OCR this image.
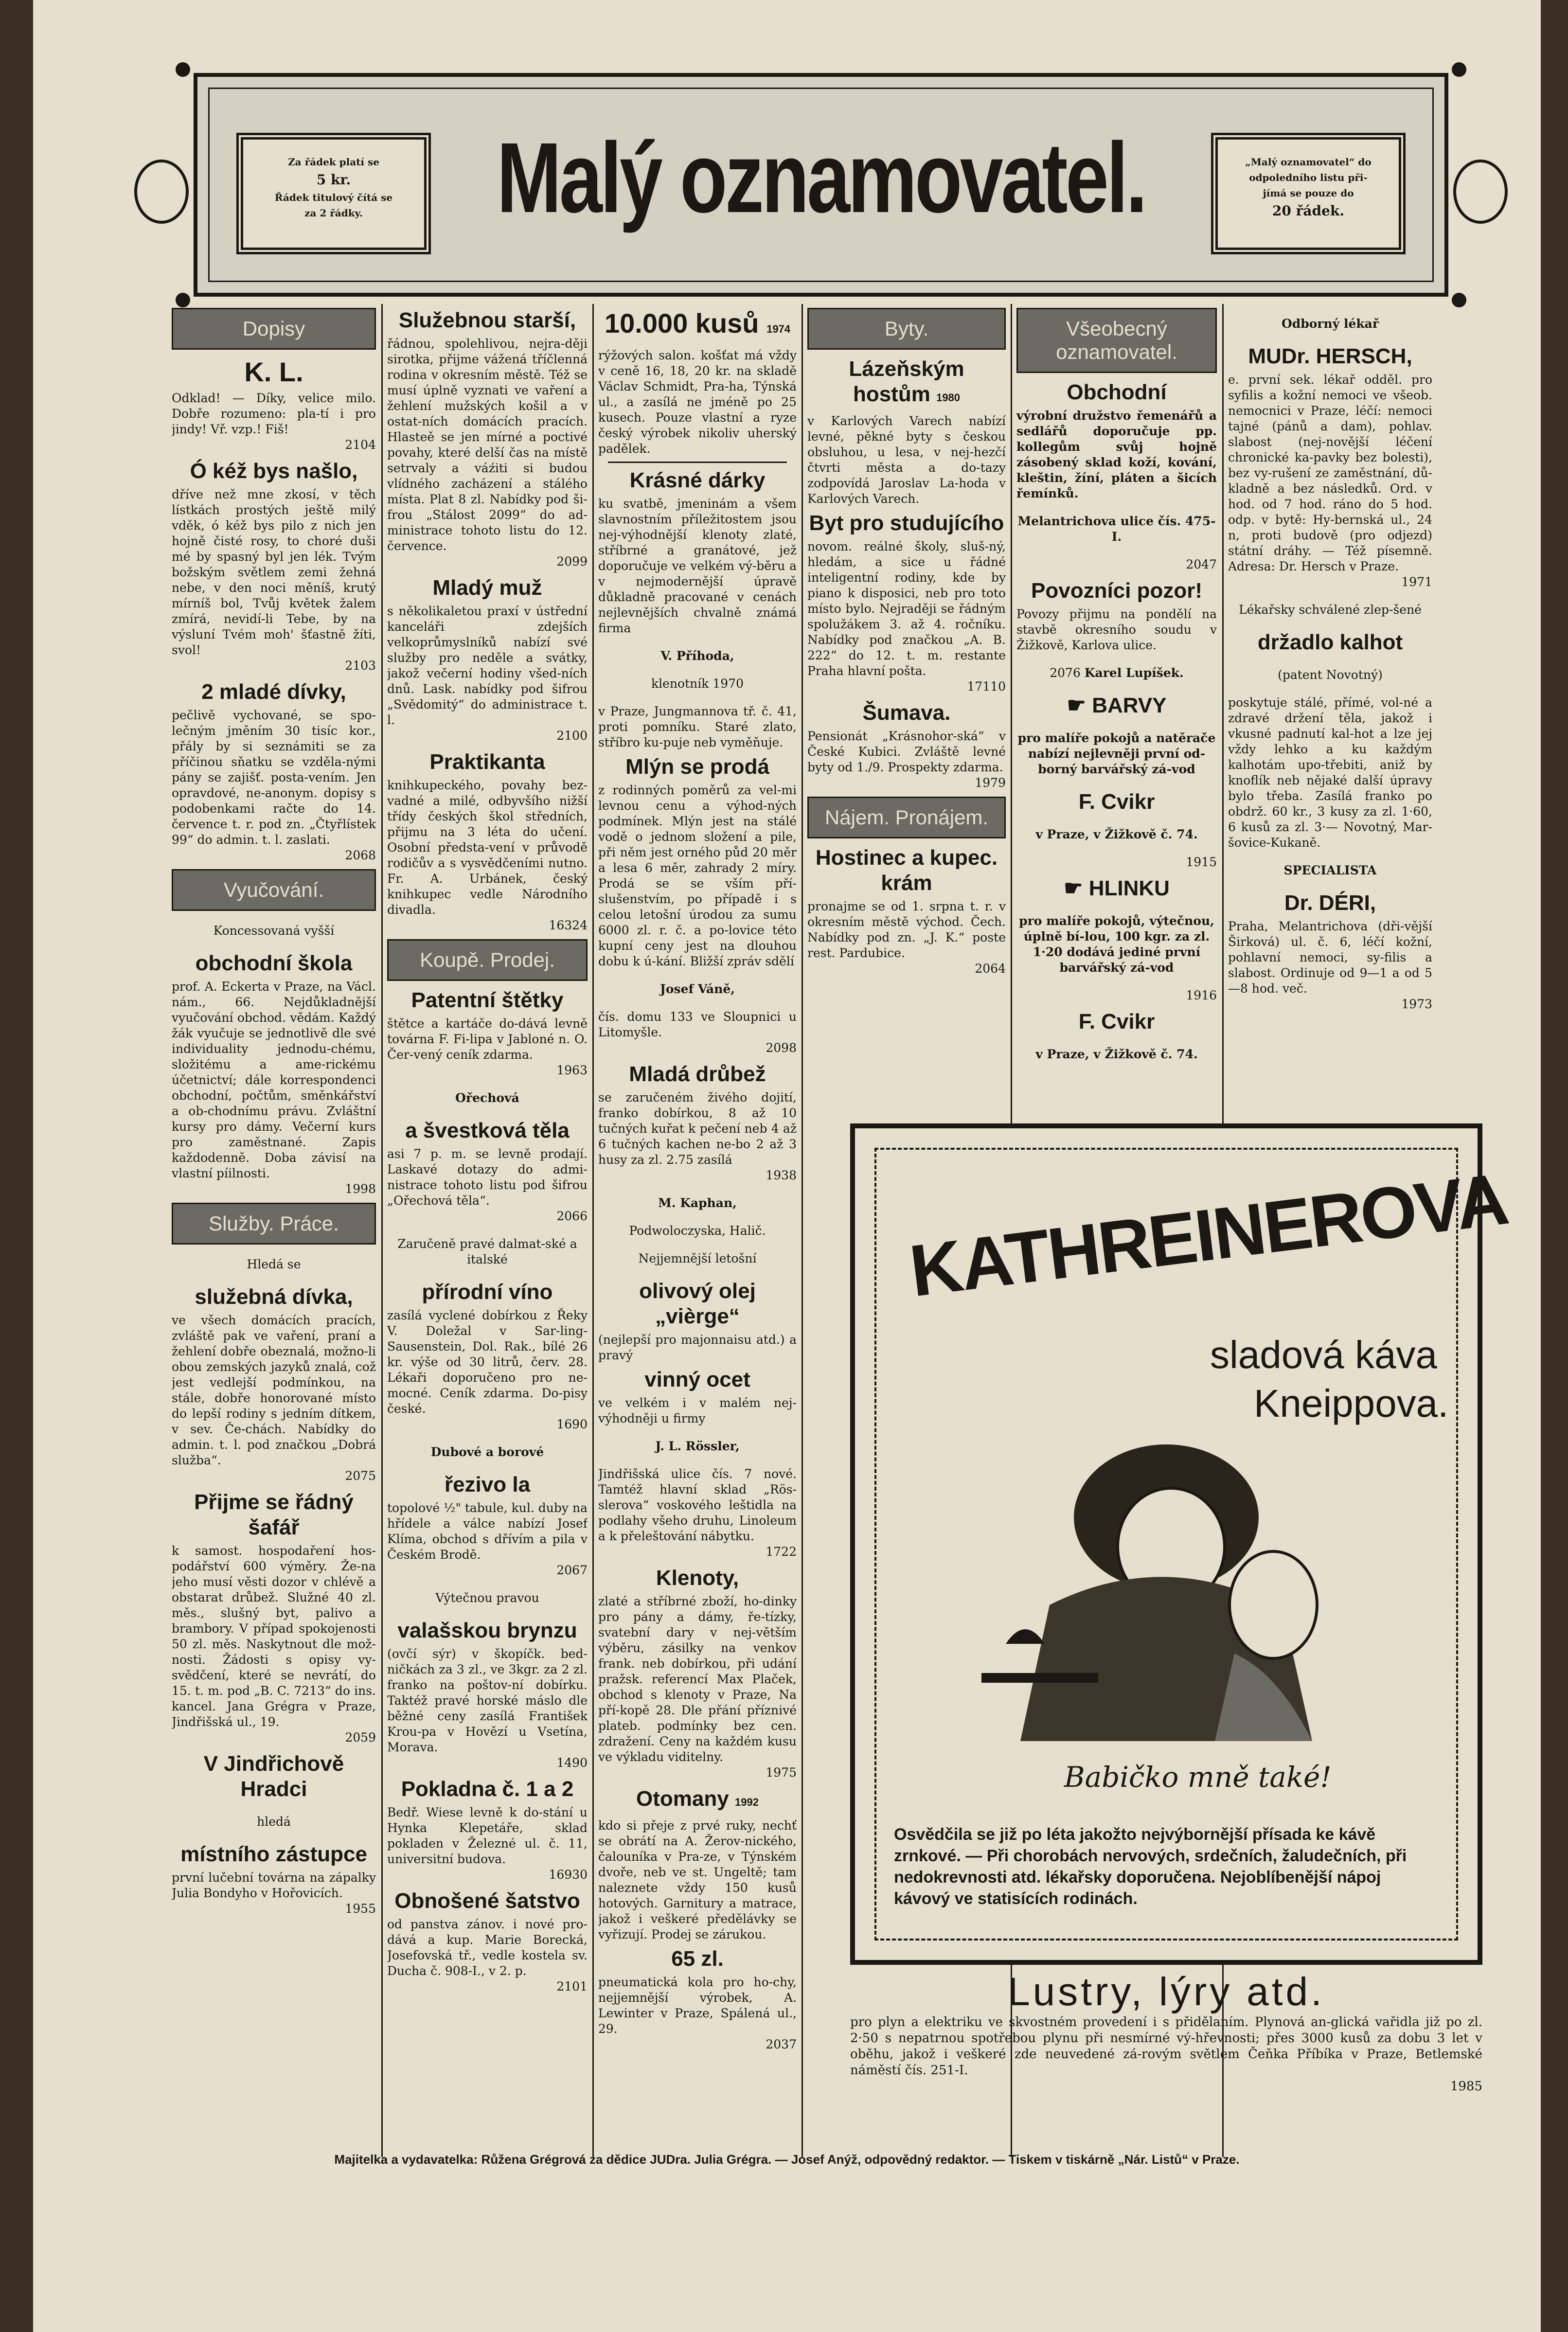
Za řádek platí se
5 kr.
Řádek titulový čítá se
za 2 řádky.	Malý oznamovatel.	„Malý oznamovatel“ do
odpoledního listu při-
jímá se pouze do
20 řádek.
Dopisy
K. L.

Odklad! — Díky, velice milo. Dobře rozumeno: pla-tí i pro jindy! Vř. vzp.! Fiš!

2104

Ó kéž bys našlo,

dříve než mne zkosí, v těch lístkách prostých ještě milý vděk, ó kéž bys pilo z nich jen hojně čisté rosy, to choré duši mé by spasný byl jen lék. Tvým božským světlem zemi žehná nebe, v den noci měníš, krutý mírníš bol, Tvůj květek žalem zmírá, nevidí-li Tebe, by na výsluní Tvém moh' šťastně žíti, svol!

2103

2 mladé dívky,

pečlivě vychované, se spo-lečným jměním 30 tisíc kor., přály by si seznámiti se za příčinou sňatku se vzděla-nými pány se zajišť. posta-vením. Jen opravdové, ne-anonym. dopisy s podobenkami račte do 14. července t. r. pod zn. „Čtyřlístek 99“ do admin. t. l. zaslati.

2068

Vyučování.

Koncessovaná vyšší

obchodní škola

prof. A. Eckerta v Praze, na Václ. nám., 66. Nejdůkladnější vyučování obchod. vědám. Každý žák vyučuje se jednotlivě dle své individuality jednodu-chému, složitému a ame-rickému účetnictví; dále korrespondenci obchodní, počtům, směnkářství a ob-chodnímu právu. Zvláštní kursy pro dámy. Večerní kurs pro zaměstnané. Zapis každodenně. Doba závisí na vlastní píilnosti.

1998

Služby. Práce.

Hledá se

služebná dívka,

ve všech domácích pracích, zvláště pak ve vaření, praní a žehlení dobře obeznalá, možno-li obou zemských jazyků znalá, což jest vedlejší podmínkou, na stále, dobře honorované místo do lepší rodiny s jedním dítkem, v sev. Če-chách. Nabídky do admin. t. l. pod značkou „Dobrá služba“.

2075

Přijme se řádný šafář

k samost. hospodaření hos-podářství 600 výměry. Že-na jeho musí věsti dozor v chlévě a obstarat drůbež. Služné 40 zl. měs., slušný byt, palivo a brambory. V případ spokojenosti 50 zl. měs. Naskytnout dle mož-nosti. Žádosti s opisy vy-svědčení, které se nevrátí, do 15. t. m. pod „B. C. 7213“ do ins. kancel. Jana Grégra v Praze, Jindřišská ul., 19.

2059

V Jindřichově Hradci

hledá

místního zástupce

první lučební továrna na zápalky Julia Bondyho v Hořovicích.

1955

Služebnou starší,

řádnou, spolehlivou, nejra-ději sirotka, přijme vážená tříčlenná rodina v okresním městě. Též se musí úplně vyznati ve vaření a žehlení mužských košil a v ostat-ních domácích pracích. Hlasteě se jen mírné a poctivé povahy, které delší čas na místě setrvaly a váźiti si budou vlídného zacházení a stálého místa. Plat 8 zl. Nabídky pod ši-frou „Stálost 2099“ do ad-ministrace tohoto listu do 12. července.

2099

Mladý muž

s několikaletou praxí v ústřední kanceláři zdejších velkoprůmyslníků nabízí své služby pro neděle a svátky, jakož večerní hodiny všed-ních dnů. Lask. nabídky pod šifrou „Svědomitý“ do administrace t. l.

2100

Praktikanta

knihkupeckého, povahy bez-vadné a milé, odbyvšího nižší třídy českých škol středních, přijmu na 3 léta do učení. Osobní předsta-vení v průvodě rodičův a s vysvědčeními nutno. Fr. A. Urbánek, český knihkupec vedle Národního divadla.

16324

Koupě. Prodej.
Patentní štětky

štětce a kartáče do-dává levně továrna F. Fi-lipa v Jabloné n. O. Čer-vený ceník zdarma.

1963

Ořechová

a švestková těla

asi 7 p. m. se levně prodají. Laskavé dotazy do admi-nistrace tohoto listu pod šifrou „Ořechová těla“.

2066

Zaručeně pravé dalmat-ské a italské

přírodní víno

zasílá vyclené dobírkou z Řeky V. Doležal v Sar-ling-Sausenstein, Dol. Rak., bílé 26 kr. výše od 30 litrů, červ. 28. Lékaři doporučeno pro ne-mocné. Ceník zdarma. Do-pisy české.

1690

Dubové a borové

řezivo la

topolové ½" tabule, kul. duby na hřídele a válce nabízí Josef Klíma, obchod s dřívím a pila v Českém Brodě.

2067

Výtečnou pravou

valašskou brynzu

(ovčí sýr) v škopíčk. bed-ničkách za 3 zl., ve 3kgr. za 2 zl. franko na poštov-ní dobírku. Taktéž pravé horské máslo dle běžné ceny zasílá František Krou-pa v Hovězí u Vsetína, Morava.

1490

Pokladna č. 1 a 2

Bedř. Wiese levně k do-stání u Hynka Klepetáře, sklad pokladen v Železné ul. č. 11, universitní budova.

16930

Obnošené šatstvo

od panstva zánov. i nové pro-dává a kup. Marie Borecká, Josefovská tř., vedle kostela sv. Ducha č. 908-I., v 2. p.

2101

10.000 kusů 1974

rýžových salon. košťat má vždy v ceně 16, 18, 20 kr. na skladě Václav Schmidt, Pra-ha, Týnská ul., a zasílá ne jméně po 25 kusech. Pouze vlastní a ryze český výrobek nikoliv uherský padělek.

Krásné dárky

ku svatbě, jmeninám a všem slavnostním příležitostem jsou nej-výhodnější klenoty zlaté, stříbrné a granátové, jež doporučuje ve velkém vý-běru a v nejmodernější úpravě důkladně pracované v cenách nejlevnějších chvalně známá firma

V. Příhoda,

klenotník 1970

v Praze, Jungmannova tř. č. 41, proti pomníku. Staré zlato, stříbro ku-puje neb vyměňuje.

Mlýn se prodá

z rodinných poměrů za vel-mi levnou cenu a výhod-ných podmínek. Mlýn jest na stálé vodě o jednom složení a pile, při něm jest orného půd 20 měr a lesa 6 měr, zahrady 2 míry. Prodá se se vším pří-slušenstvím, po případě i s celou letošní úrodou za sumu 6000 zl. r. č. a po-lovice této kupní ceny jest na dlouhou dobu k ú-kání. Bližší zpráv sdělí

Josef Váně,

čís. domu 133 ve Sloupnici u Litomyšle.

2098

Mladá drůbež

se zaručeném živého dojití, franko dobírkou, 8 až 10 tučných kuřat k pečení neb 4 až 6 tučných kachen ne-bo 2 až 3 husy za zl. 2.75 zasílá

1938

M. Kaphan,

Podwoloczyska, Halič.

Nejjemnější letošní

olivový olej „vièrge“

(nejlepší pro majonnaisu atd.) a pravý

vinný ocet

ve velkém i v malém nej-výhodněji u firmy

J. L. Rössler,

Jindřišská ulice čís. 7 nové. Tamtéž hlavní sklad „Rös-slerova“ voskového leštidla na podlahy všeho druhu, Linoleum a k přeleštování nábytku.

1722

Klenoty,

zlaté a stříbrné zboží, ho-dinky pro pány a dámy, ře-tízky, svatební dary v nej-větším výběru, zásilky na venkov frank. neb dobírkou, při udání pražsk. referencí Max Plaček, obchod s klenoty v Praze, Na pří-kopě 28. Dle přání příznivé plateb. podmínky bez cen. zdražení. Ceny na každém kusu ve výkladu viditelny.

1975

Otomany 1992

kdo si přeje z prvé ruky, nechť se obrátí na A. Žerov-nického, čalouníka v Pra-ze, v Týnském dvoře, neb ve st. Ungeltě; tam naleznete vždy 150 kusů hotových. Garnitury a matrace, jakož i veškeré předělávky se vyřizují. Prodej se zárukou.

65 zl.

pneumatická kola pro ho-chy, nejjemnější výrobek, A. Lewinter v Praze, Spálená ul., 29.

2037

Byty.
Lázeňským hostům 1980

v Karlových Varech nabízí levné, pěkné byty s českou obsluhou, u lesa, v nej-hezčí čtvrti města a do-tazy zodpovídá Jaroslav La-hoda v Karlových Varech.

Byt pro studujícího

novom. reálné školy, sluš-ný, hledám, a sice u řádné inteligentní rodiny, kde by piano k disposici, neb pro toto místo bylo. Nejraději se řádným spolužákem 3. až 4. ročníku. Nabídky pod značkou „A. B. 222“ do 12. t. m. restante Praha hlavní pošta.

17110

Šumava.

Pensionát „Krásnohor-ská“ v České Kubici. Zvláště levné byty od 1./9. Prospekty zdarma.

1979

Nájem. Pronájem.
Hostinec a kupec. krám

pronajme se od 1. srpna t. r. v okresním městě východ. Čech. Nabídky pod zn. „J. K.“ poste rest. Pardubice.

2064

Všeobecný oznamovatel.
Obchodní

výrobní družstvo řemenářů a sedlářů doporučuje pp. kollegům svůj hojně zásobený sklad koží, kování, kleštin, žíní, pláten a šicích řemínků.

Melantrichova ulice čís. 475-I.

2047

Povozníci pozor!

Povozy přijmu na pondělí na stavbě okresního soudu v Žižkově, Karlova ulice.

2076 Karel Lupíšek.

☛ BARVY

pro malíře pokojů a natěrače nabízí nejlevněji první od-borný barvářský zá-vod

F. Cvikr

v Praze, v Žižkově č. 74.

1915

☛ HLINKU

pro malíře pokojů, výtečnou, úplně bí-lou, 100 kgr. za zl. 1·20 dodává jediné první barvářský zá-vod

1916

F. Cvikr

v Praze, v Žižkově č. 74.

Odborný lékař

MUDr. HERSCH,

e. první sek. lékař odděl. pro syfilis a kožní nemoci ve všeob. nemocnici v Praze, léčí: nemoci tajné (pánů a dam), pohlav. slabost (nej-novější léčení chronické ka-pavky bez bolesti), bez vy-rušení ze zaměstnání, dů-kladně a bez následků. Ord. v hod. od 7 hod. ráno do 5 hod. odp. v bytě: Hy-bernská ul., 24 n, proti budově (pro odjezd) státní dráhy. — Též písemně. Adresa: Dr. Hersch v Praze.

1971

Lékařsky schválené zlep-šené

držadlo kalhot

(patent Novotný)

poskytuje stálé, přímé, vol-né a zdravé držení těla, jakož i vkusné padnutí kal-hot a lze jej vždy lehko a ku každým kalhotám upo-třebiti, aniž by knoflík neb nějaké další úpravy bylo třeba. Zasílá franko po obdrž. 60 kr., 3 kusy za zl. 1·60, 6 kusů za zl. 3·— Novotný, Mar-šovice-Kukaně.

SPECIALISTA

Dr. DÉRI,

Praha, Melantrichova (dři-vější Širková) ul. č. 6, léčí kožní, pohlavní nemoci, sy-filis a slabost. Ordinuje od 9—1 a od 5—8 hod. več.

1973

KATHREINEROVA
sladová káva
Kneippova.
Babičko mně také!
Osvědčila se již po léta jakožto nejvýbornější přísada ke kávě zrnkové. — Při chorobách nervových, srdečních, žaludečních, při nedokrevnosti atd. lékařsky doporučena. Nejoblíbenější nápoj kávový ve statisících rodinách.
Lustry, lýry atd.

pro plyn a elektriku ve skvostném provedení i s přidělaním. Plynová an-glická vařidla již po zl. 2·50 s nepatrnou spotřebou plynu při nesmírné vý-hřevnosti; přes 3000 kusů za dobu 3 let v oběhu, jakož i veškeré zde neuvedené zá-rovým světlem Čeňka Příbíka v Praze, Betlemské náměstí čís. 251-I.

1985

Majitelka a vydavatelka: Růžena Grégrová za dědice JUDra. Julia Grégra. — Josef Anýž, odpovědný redaktor. — Tiskem v tiskárně „Nár. Listů“ v Praze.
